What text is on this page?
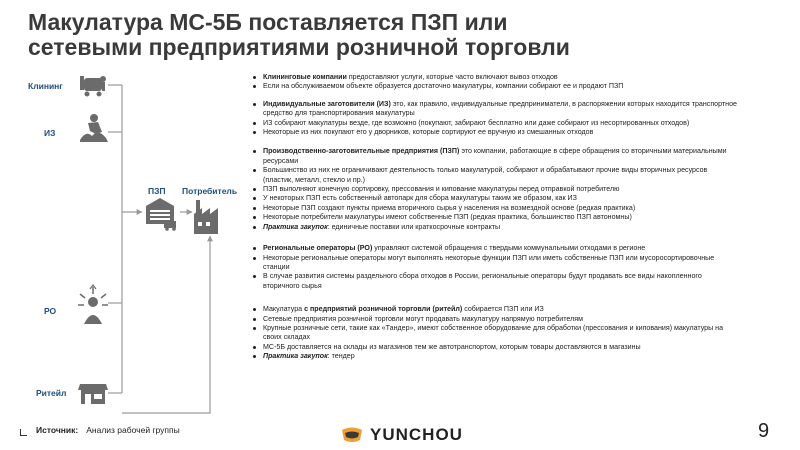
Макулатура МС-5Б поставляется ПЗП или сетевыми предприятиями розничной торговли
Клининг
ИЗ
РО
Ритейл
ПЗП Потребитель

Клининговые компании предоставляют услуги, которые часто включают вывоз отходов

Если на обслуживаемом объекте образуется достаточно макулатуры, компании собирают ее и продают ПЗП

Индивидуальные заготовители (ИЗ) это, как правило, индивидуальные предприниматели, в распоряжении которых находится транспортное средство для транспортирования макулатуры

ИЗ собирают макулатуры везде, где возможно (покупают, забирают бесплатно или даже собирают из несортированных отходов)

Некоторые из них покупают его у дворников, которые сортируют ее вручную из смешанных отходов

Производственно-заготовительные предприятия (ПЗП) это компании, работающие в сфере обращения со вторичными материальными ресурсами

Большинство из них не ограничивают деятельность только макулатурой, собирают и обрабатывают прочие виды вторичных ресурсов (пластик, металл, стекло и пр.)

ПЗП выполняют конечную сортировку, прессования и кипование макулатуры перед отправкой потребителю

У некоторых ПЗП есть собственный автопарк для сбора макулатуры таким же образом, как ИЗ

Некоторые ПЗП создают пункты приема вторичного сырья у населения на возмездной основе (редкая практика)

Некоторые потребители макулатуры имеют собственные ПЗП (редкая практика, большинство ПЗП автономны)

Практика закупок: единичные поставки или краткосрочные контракты

Региональные операторы (РО) управляют системой обращения с твердыми коммунальными отходами в регионе

Некоторые региональные операторы могут выполнять некоторые функции ПЗП или иметь собственные ПЗП или мусоросортировочные станции

В случае развития системы раздельного сбора отходов в России, региональные операторы будут продавать все виды накопленного вторичного сырья

Макулатура с предприятий розничной торговли (ритейл) собирается ПЗП или ИЗ

Сетевые предприятия розничной торговли могут продавать макулатуру напрямую потребителям

Крупные розничные сети, такие как «Тандер», имеют собственное оборудование для обработки (прессования и кипования) макулатуры на своих складах

МС-5Б доставляется на склады из магазинов тем же автотранспортом, которым товары доставляются в магазины

Практика закупок: тендер

Источник: Анализ рабочей группы	YUNCHOU	9
